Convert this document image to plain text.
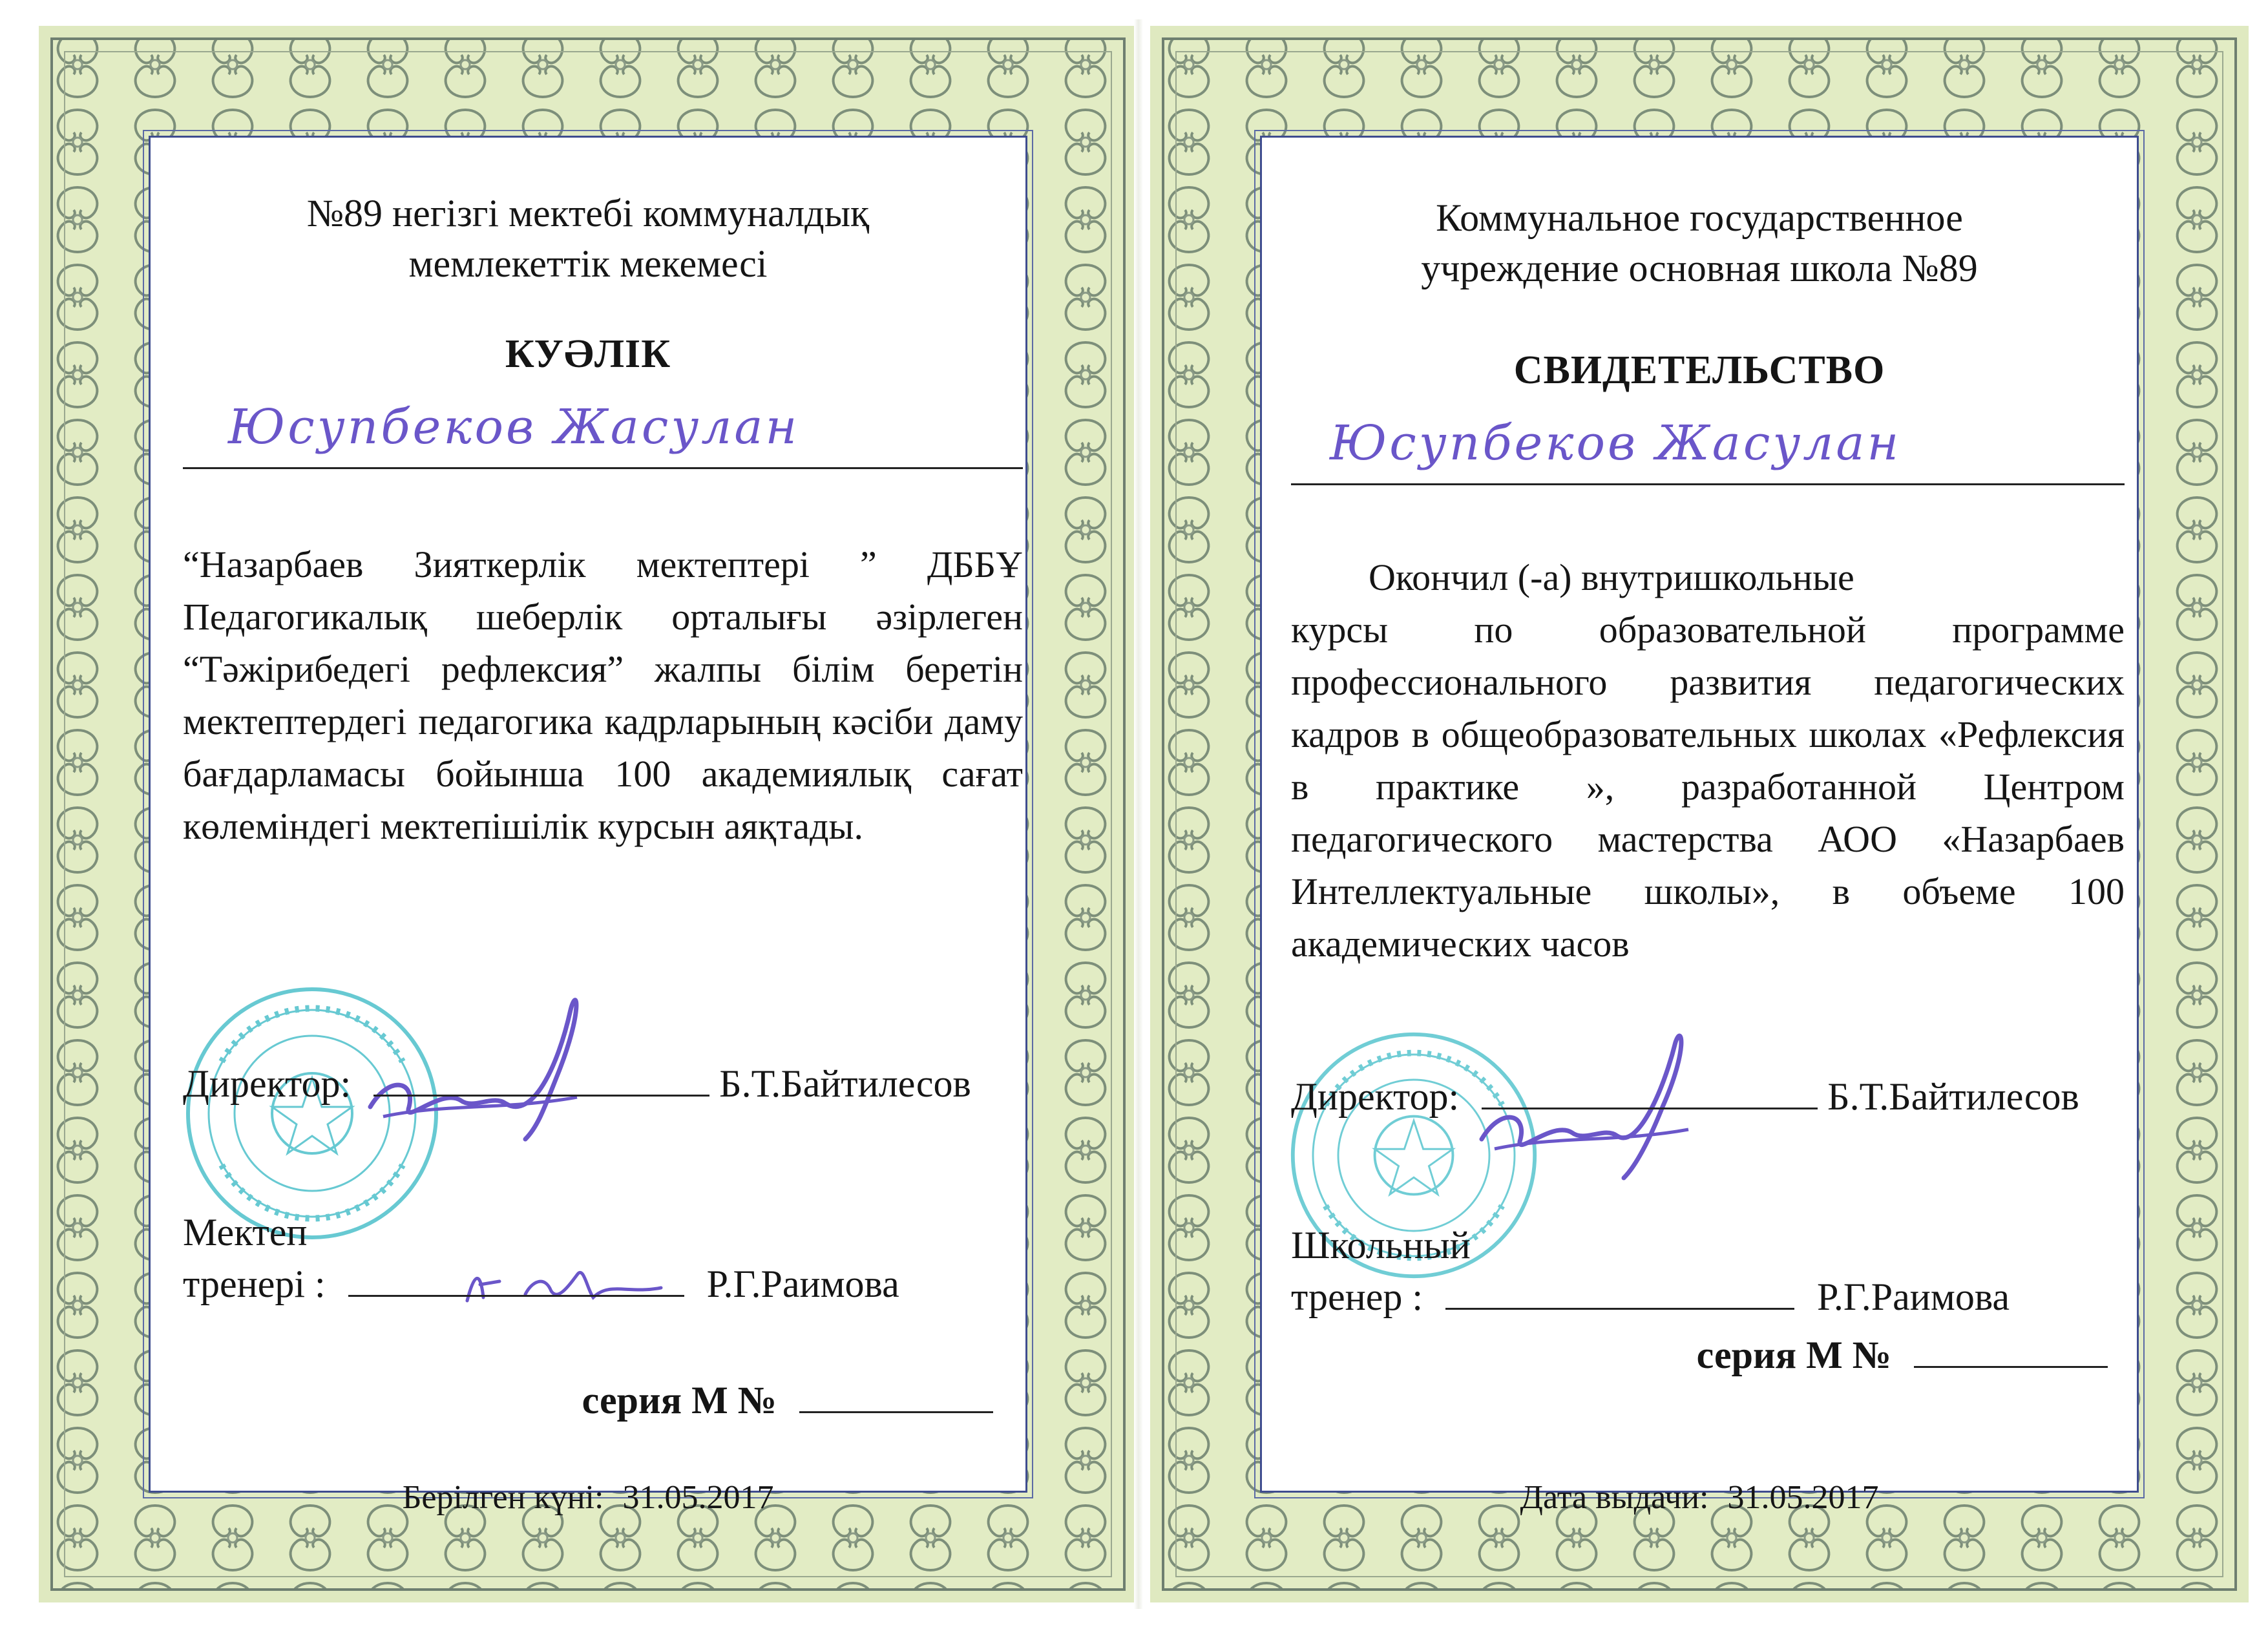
№89 негізгі мектебі коммуналдық
мемлекеттік мекемесі
КУӘЛІК
Юсупбеков Жасулан
“Назарбаев Зияткерлік мектептері ” ДББҰ Педагогикалық шеберлік орталығы әзірлеген “Тәжірибедегі рефлексия” жалпы білім беретін мектептердегі педагогика кадрларының кәсіби даму бағдарламасы бойынша 100 академиялық сағат көлеміндегі мектепішілік курсын аяқтады.
Директор:	Б.Т.Байтилесов
Мектеп
тренері :	Р.Г.Раимова
серия М №
Берілген күні: 31.05.2017
Коммунальное государственное
учреждение основная школа №89
СВИДЕТЕЛЬСТВО
Юсупбеков Жасулан
Окончил (-а) внутришкольные
курсы по образовательной программе профессионального развития педагогических кадров в общеобразовательных школах «Рефлексия в практике », разработанной Центром педагогического мастерства АОО «Назарбаев Интеллектуальные школы», в объеме 100 академических часов
Директор:	Б.Т.Байтилесов
Школьный
тренер :	Р.Г.Раимова
серия М №
Дата выдачи: 31.05.2017
